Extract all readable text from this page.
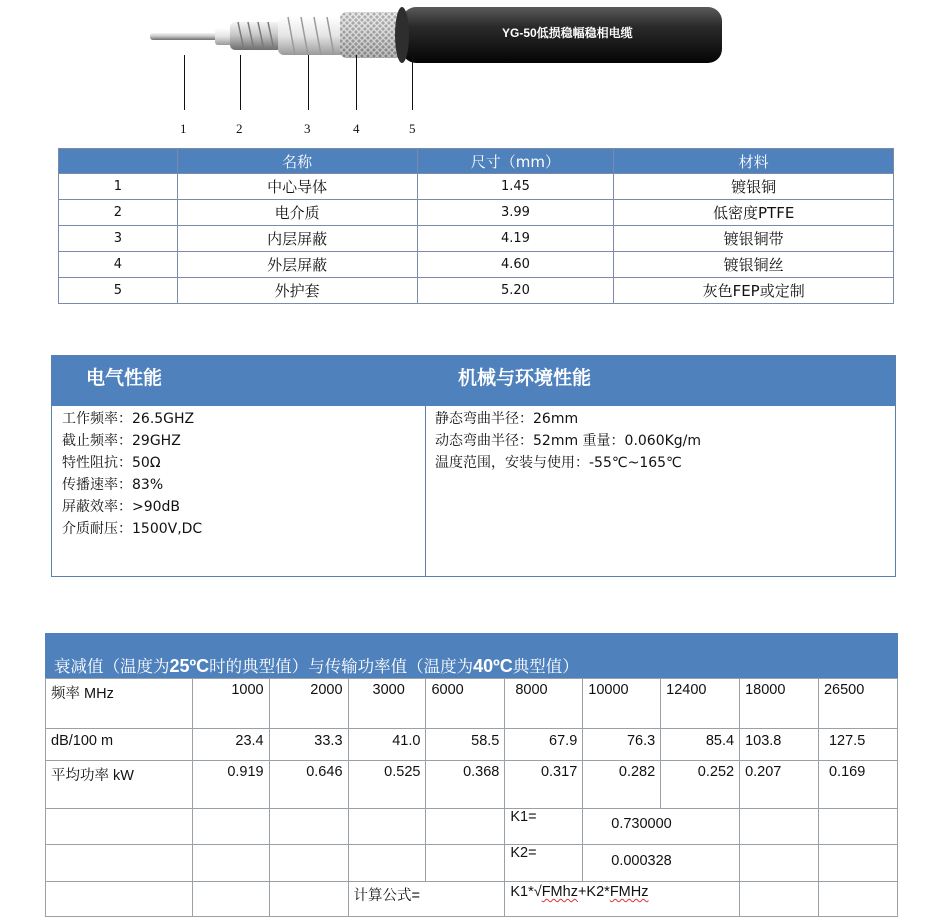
YG-50低损稳幅稳相电缆
1	2	3	4	5
	名称	尺寸（mm）	材料
1	中心导体	1.45	镀银铜
2	电介质	3.99	低密度PTFE
3	内层屏蔽	4.19	镀银铜带
4	外层屏蔽	4.60	镀银铜丝
5	外护套	5.20	灰色FEP或定制
电气性能	机械与环境性能
工作频率：26.5GHZ
截止频率：29GHZ
特性阻抗：50Ω
传播速率：83%
屏蔽效率：>90dB
介质耐压：1500V,DC
静态弯曲半径：26mm
动态弯曲半径：52mm 重量：0.060Kg/m
温度范围，安装与使用：-55℃~165℃
衰减值（温度为25ºC时的典型值）与传输功率值（温度为40ºC典型值）
频率 MHz	1000	2000	3000	6000	8000	10000	12400	18000	26500
dB/100 m	23.4	33.3	41.0	58.5	67.9	76.3	85.4	103.8	127.5
平均功率 kW	0.919	0.646	0.525	0.368	0.317	0.282	0.252	0.207	0.169
					K1=	0.730000			
					K2=	0.000328			
			计算公式=		K1*√FMhz+K2*FMHz				
